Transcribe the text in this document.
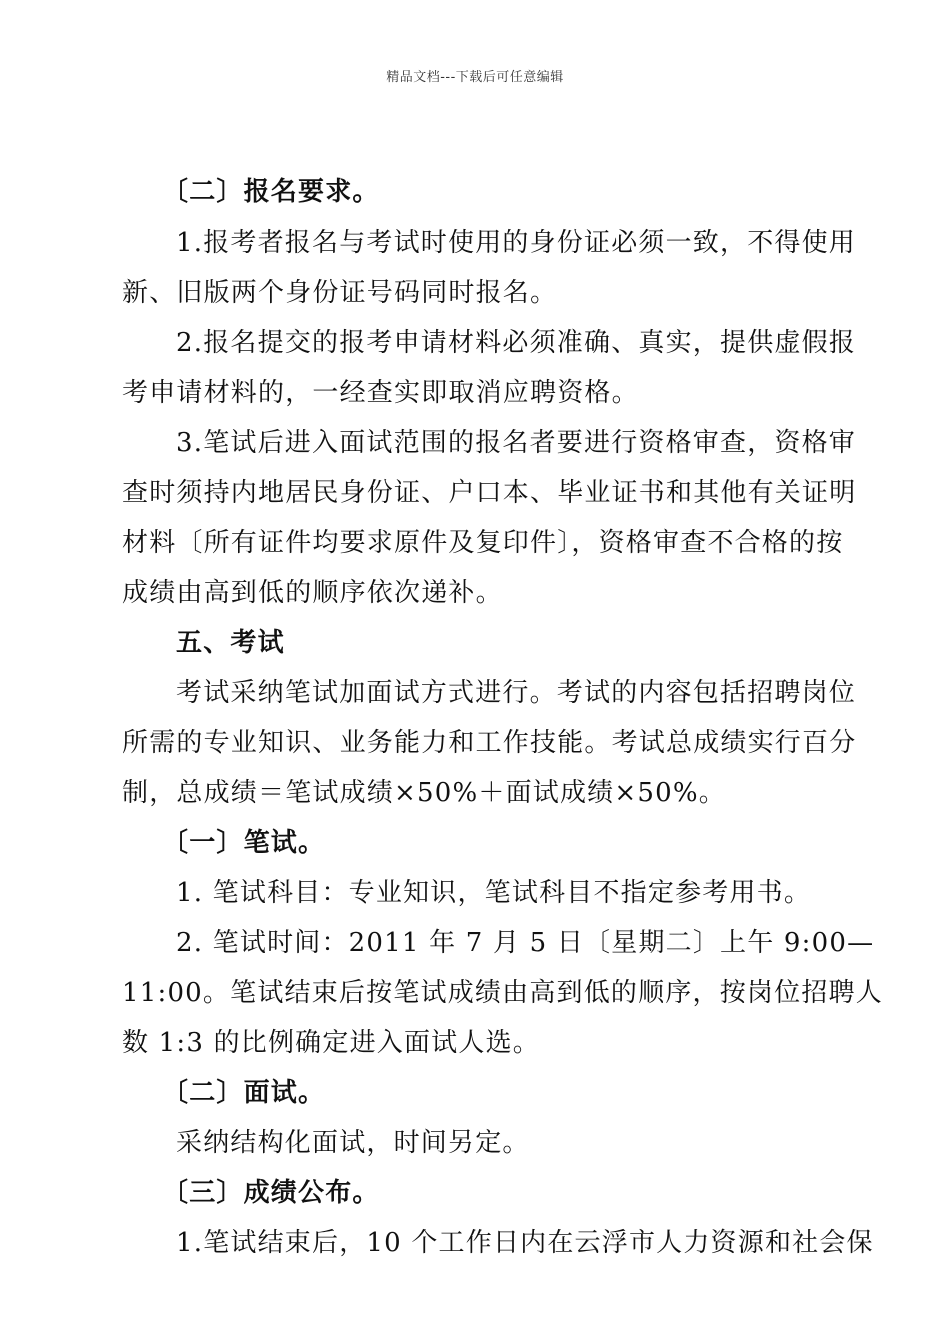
精品文档---下载后可任意编辑
〔二〕报名要求。
1.报考者报名与考试时使用的身份证必须一致，不得使用
新、旧版两个身份证号码同时报名。
2.报名提交的报考申请材料必须准确、真实，提供虚假报
考申请材料的，一经查实即取消应聘资格。
3.笔试后进入面试范围的报名者要进行资格审查，资格审
查时须持内地居民身份证、户口本、毕业证书和其他有关证明
材料〔所有证件均要求原件及复印件〕，资格审查不合格的按
成绩由高到低的顺序依次递补。
五、考试
考试采纳笔试加面试方式进行。考试的内容包括招聘岗位
所需的专业知识、业务能力和工作技能。考试总成绩实行百分
制，总成绩＝笔试成绩×50%＋面试成绩×50%。
〔一〕笔试。
1. 笔试科目：专业知识，笔试科目不指定参考用书。
2. 笔试时间：2011 年 7 月 5 日〔星期二〕上午 9:00—
11:00。笔试结束后按笔试成绩由高到低的顺序，按岗位招聘人
数 1:3 的比例确定进入面试人选。
〔二〕面试。
采纳结构化面试，时间另定。
〔三〕成绩公布。
1.笔试结束后，10 个工作日内在云浮市人力资源和社会保
